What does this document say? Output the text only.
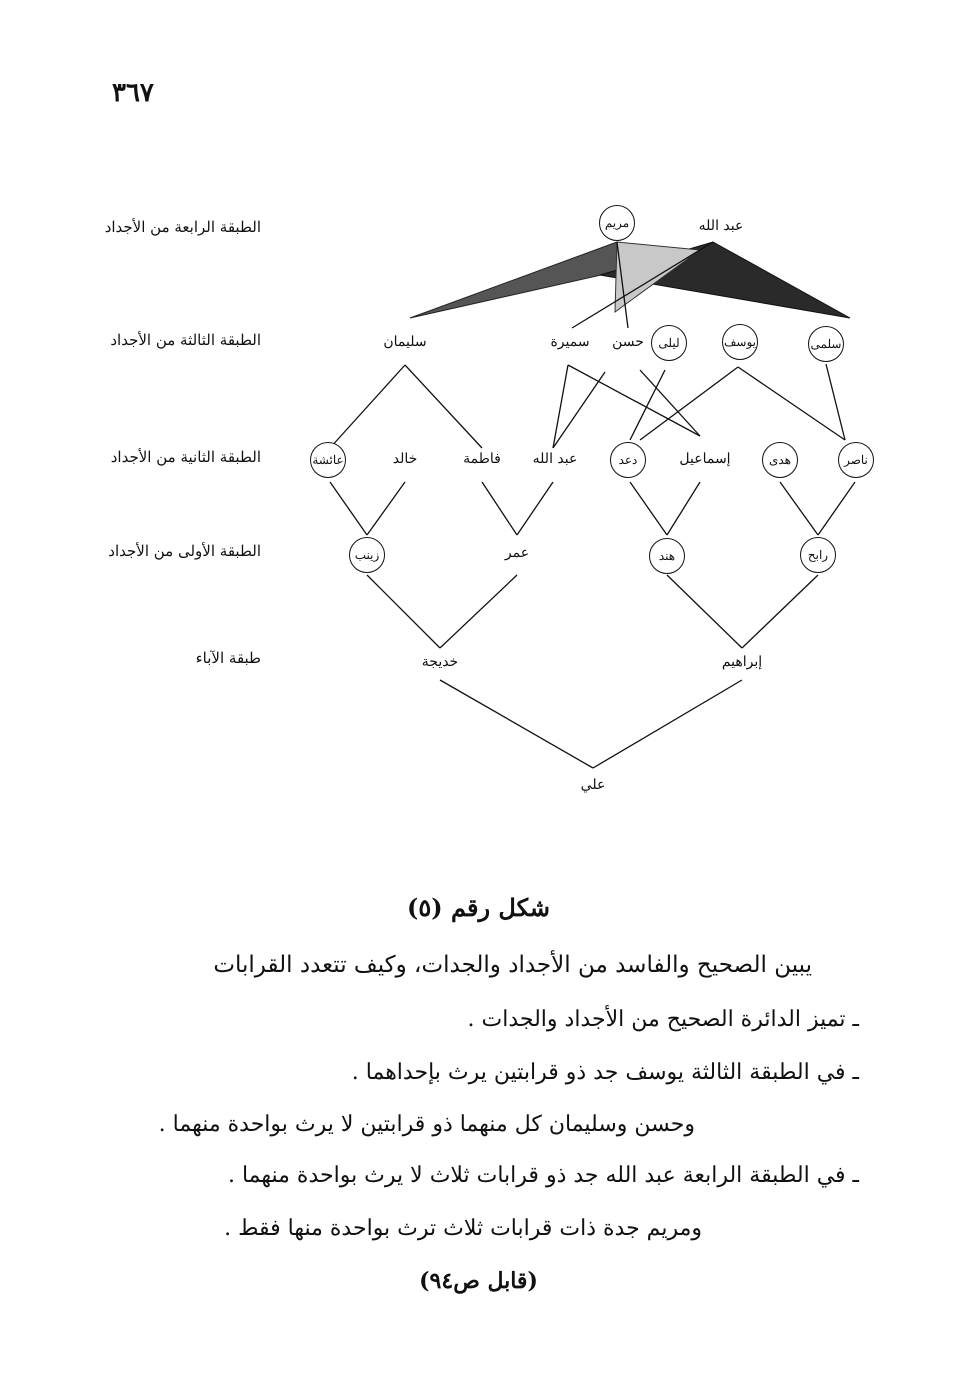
٣٦٧
الطبقة الرابعة من الأجداد
الطبقة الثالثة من الأجداد
الطبقة الثانية من الأجداد
الطبقة الأولى من الأجداد
طبقة الآباء
مريم	عبد الله
سليمان	سميرة حسن	ليلى	يوسف	سلمى
عائشة	خالد	فاطمة عبد الله	دعد	إسماعيل	هدى	ناصر
زينب	عمر	هند	رابح
خديجة	إبراهيم
علي
شكل رقم (٥)
يبين الصحيح والفاسد من الأجداد والجدات، وكيف تتعدد القرابات
ـ تميز الدائرة الصحيح من الأجداد والجدات .
ـ في الطبقة الثالثة يوسف جد ذو قرابتين يرث بإحداهما .
وحسن وسليمان كل منهما ذو قرابتين لا يرث بواحدة منهما .
ـ في الطبقة الرابعة عبد الله جد ذو قرابات ثلاث لا يرث بواحدة منهما .
ومريم جدة ذات قرابات ثلاث ترث بواحدة منها فقط .
(قابل ص٩٤)
